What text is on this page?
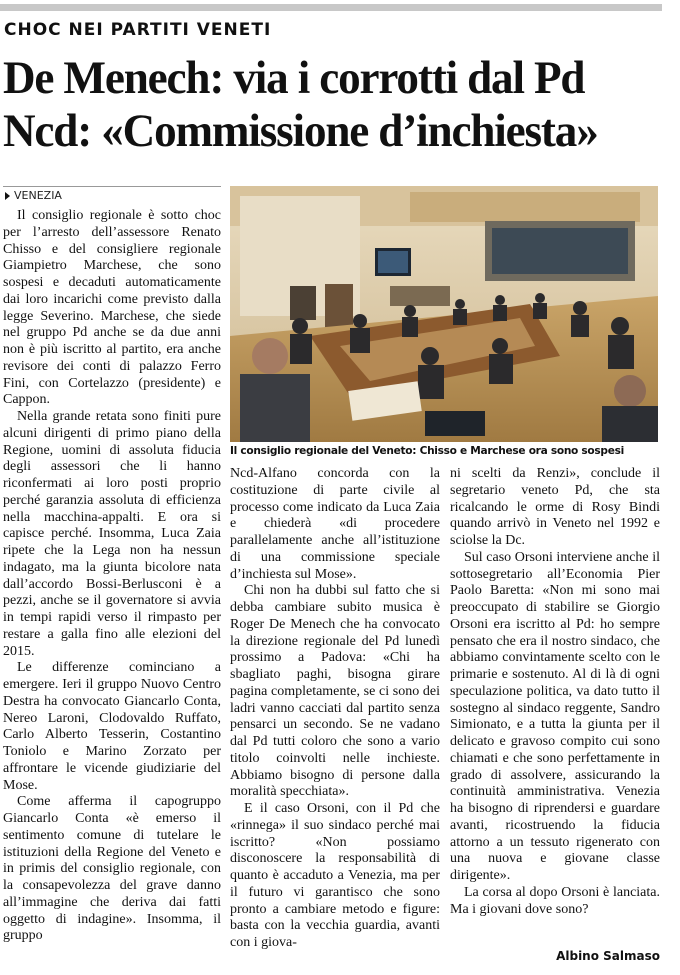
CHOC NEI PARTITI VENETI
De Menech: via i corrotti dal Pd
Ncd: «Commissione d’inchiesta»
VENEZIA

Il consiglio regionale è sotto choc per l’arresto dell’assessore Renato Chisso e del consigliere regionale Giampietro Marchese, che sono sospesi e decaduti automaticamente dai loro incarichi come previsto dalla legge Severino. Marchese, che siede nel gruppo Pd anche se da due anni non è più iscritto al partito, era anche revisore dei conti di palazzo Ferro Fini, con Cortelazzo (presidente) e Cappon.

Nella grande retata sono finiti pure alcuni dirigenti di primo piano della Regione, uomini di assoluta fiducia degli assessori che li hanno riconfermati ai loro posti proprio perché garanzia assoluta di efficienza nella macchina-appalti. E ora si capisce perché. Insomma, Luca Zaia ripete che la Lega non ha nessun indagato, ma la giunta bicolore nata dall’accordo Bossi-Berlusconi è a pezzi, anche se il governatore si avvia in tempi rapidi verso il rimpasto per restare a galla fino alle elezioni del 2015.

Le differenze cominciano a emergere. Ieri il gruppo Nuovo Centro Destra ha convocato Giancarlo Conta, Nereo Laroni, Clodovaldo Ruffato, Carlo Alberto Tesserin, Costantino Toniolo e Marino Zorzato per affrontare le vicende giudiziarie del Mose.

Come afferma il capogruppo Giancarlo Conta «è emerso il sentimento comune di tutelare le istituzioni della Regione del Veneto e in primis del consiglio regionale, con la consapevolezza del grave danno all’immagine che deriva dai fatti oggetto di indagine». Insomma, il gruppo

Il consiglio regionale del Veneto: Chisso e Marchese ora sono sospesi

Ncd-Alfano concorda con la costituzione di parte civile al processo come indicato da Luca Zaia e chiederà «di procedere parallelamente anche all’istituzione di una commissione speciale d’inchiesta sul Mose».

Chi non ha dubbi sul fatto che si debba cambiare subito musica è Roger De Menech che ha convocato la direzione regionale del Pd lunedì prossimo a Padova: «Chi ha sbagliato paghi, bisogna girare pagina completamente, se ci sono dei ladri vanno cacciati dal partito senza pensarci un secondo. Se ne vadano dal Pd tutti coloro che sono a vario titolo coinvolti nelle inchieste. Abbiamo bisogno di persone dalla moralità specchiata».

E il caso Orsoni, con il Pd che «rinnega» il suo sindaco perché mai iscritto? «Non possiamo disconoscere la responsabilità di quanto è accaduto a Venezia, ma per il futuro vi garantisco che sono pronto a cambiare metodo e figure: basta con la vecchia guardia, avanti con i giova-

ni scelti da Renzi», conclude il segretario veneto Pd, che sta ricalcando le orme di Rosy Bindi quando arrivò in Veneto nel 1992 e sciolse la Dc.

Sul caso Orsoni interviene anche il sottosegretario all’Economia Pier Paolo Baretta: «Non mi sono mai preoccupato di stabilire se Giorgio Orsoni era iscritto al Pd: ho sempre pensato che era il nostro sindaco, che abbiamo convintamente scelto con le primarie e sostenuto. Al di là di ogni speculazione politica, va dato tutto il sostegno al sindaco reggente, Sandro Simionato, e a tutta la giunta per il delicato e gravoso compito cui sono chiamati e che sono perfettamente in grado di assolvere, assicurando la continuità amministrativa. Venezia ha bisogno di riprendersi e guardare avanti, ricostruendo la fiducia attorno a un tessuto rigenerato con una nuova e giovane classe dirigente».

La corsa al dopo Orsoni è lanciata. Ma i giovani dove sono?

Albino Salmaso
